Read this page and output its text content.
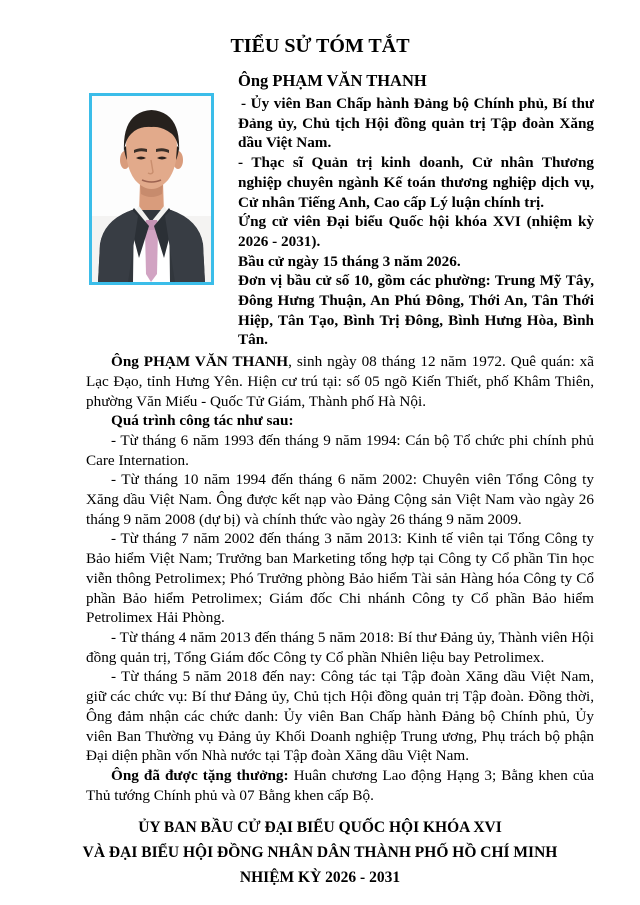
TIỂU SỬ TÓM TẮT

Ông PHẠM VĂN THANH

- Ủy viên Ban Chấp hành Đảng bộ Chính phủ, Bí thư Đảng ủy, Chủ tịch Hội đồng quản trị Tập đoàn Xăng dầu Việt Nam.

- Thạc sĩ Quản trị kinh doanh, Cử nhân Thương nghiệp chuyên ngành Kế toán thương nghiệp dịch vụ, Cử nhân Tiếng Anh, Cao cấp Lý luận chính trị.

Ứng cử viên Đại biểu Quốc hội khóa XVI (nhiệm kỳ 2026 - 2031).

Bầu cử ngày 15 tháng 3 năm 2026.

Đơn vị bầu cử số 10, gồm các phường: Trung Mỹ Tây, Đông Hưng Thuận, An Phú Đông, Thới An, Tân Thới Hiệp, Tân Tạo, Bình Trị Đông, Bình Hưng Hòa, Bình Tân.

Ông PHẠM VĂN THANH, sinh ngày 08 tháng 12 năm 1972. Quê quán: xã Lạc Đạo, tỉnh Hưng Yên. Hiện cư trú tại: số 05 ngõ Kiến Thiết, phố Khâm Thiên, phường Văn Miếu - Quốc Tử Giám, Thành phố Hà Nội.

Quá trình công tác như sau:

- Từ tháng 6 năm 1993 đến tháng 9 năm 1994: Cán bộ Tổ chức phi chính phủ Care Internation.

- Từ tháng 10 năm 1994 đến tháng 6 năm 2002: Chuyên viên Tổng Công ty Xăng dầu Việt Nam. Ông được kết nạp vào Đảng Cộng sản Việt Nam vào ngày 26 tháng 9 năm 2008 (dự bị) và chính thức vào ngày 26 tháng 9 năm 2009.

- Từ tháng 7 năm 2002 đến tháng 3 năm 2013: Kinh tế viên tại Tổng Công ty Bảo hiểm Việt Nam; Trưởng ban Marketing tổng hợp tại Công ty Cổ phần Tin học viễn thông Petrolimex; Phó Trưởng phòng Bảo hiểm Tài sản Hàng hóa Công ty Cổ phần Bảo hiểm Petrolimex; Giám đốc Chi nhánh Công ty Cổ phần Bảo hiểm Petrolimex Hải Phòng.

- Từ tháng 4 năm 2013 đến tháng 5 năm 2018: Bí thư Đảng ủy, Thành viên Hội đồng quản trị, Tổng Giám đốc Công ty Cổ phần Nhiên liệu bay Petrolimex.

- Từ tháng 5 năm 2018 đến nay: Công tác tại Tập đoàn Xăng dầu Việt Nam, giữ các chức vụ: Bí thư Đảng ủy, Chủ tịch Hội đồng quản trị Tập đoàn. Đồng thời, Ông đảm nhận các chức danh: Ủy viên Ban Chấp hành Đảng bộ Chính phủ, Ủy viên Ban Thường vụ Đảng ủy Khối Doanh nghiệp Trung ương, Phụ trách bộ phận Đại diện phần vốn Nhà nước tại Tập đoàn Xăng dầu Việt Nam.

Ông đã được tặng thưởng: Huân chương Lao động Hạng 3; Bằng khen của Thủ tướng Chính phủ và 07 Bằng khen cấp Bộ.

ỦY BAN BẦU CỬ ĐẠI BIỂU QUỐC HỘI KHÓA XVI

VÀ ĐẠI BIỂU HỘI ĐỒNG NHÂN DÂN THÀNH PHỐ HỒ CHÍ MINH

NHIỆM KỲ 2026 - 2031
